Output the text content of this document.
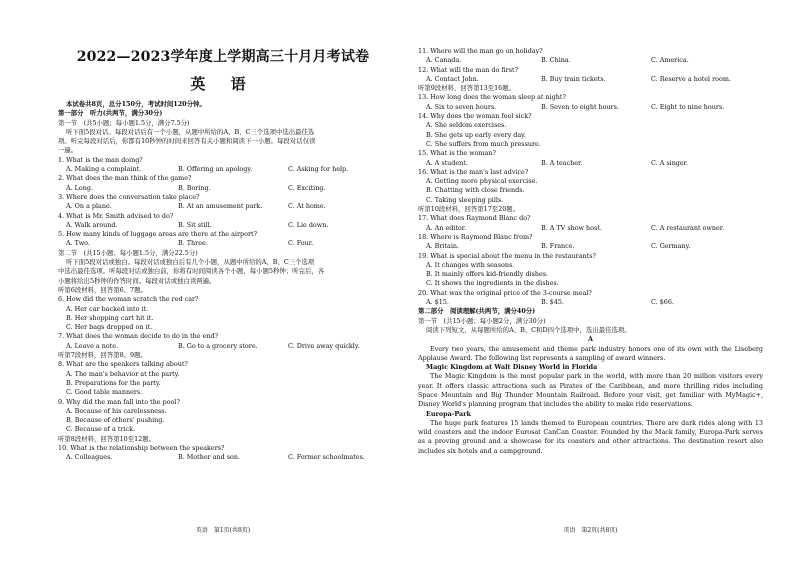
2022—2023学年度上学期高三十月月考试卷
英 语
本试卷共8页，总分150分，考试时间120分钟。
第一部分　听力(共两节，满分30分)
第一节　(共5小题；每小题1.5分，满分7.5分)
听下面5段对话。每段对话后有一个小题，从题中所给的A、B、C三个选项中选出最佳选
项。听完每段对话后，你都有10秒钟的时间来回答有关小题和阅读下一小题。每段对话仅读
一遍。
1. What is the man doing?
A. Making a complaint.	B. Offering an apology.	C. Asking for help.
2. What does the man think of the game?
A. Long.	B. Boring.	C. Exciting.
3. Where does the conversation take place?
A. On a plane.	B. At an amusement park.	C. At home.
4. What is Mr. Smith advised to do?
A. Walk around.	B. Sit still.	C. Lie down.
5. How many kinds of luggage areas are there at the airport?
A. Two.	B. Three.	C. Four.
第二节　(共15小题；每小题1.5分，满分22.5分)
听下面5段对话或独白。每段对话或独白后有几个小题，从题中所给的A、B、C三个选项
中选出最佳选项。听每段对话或独白前，你将有时间阅读各个小题，每小题5秒钟；听完后，各
小题将给出5秒钟的作答时间。每段对话或独白读两遍。
听第6段材料，回答第6、7题。
6. How did the woman scratch the red car?
A. Her car backed into it.
B. Her shopping cart hit it.
C. Her bags dropped on it.
7. What does the woman decide to do in the end?
A. Leave a note.	B. Go to a grocery store.	C. Drive away quickly.
听第7段材料，回答第8、9题。
8. What are the speakers talking about?
A. The man's behavior at the party.
B. Preparations for the party.
C. Good table manners.
9. Why did the man fall into the pool?
A. Because of his carelessness.
B. Because of others' pushing.
C. Because of a trick.
听第8段材料，回答第10至12题。
10. What is the relationship between the speakers?
A. Colleagues.	B. Mother and son.	C. Former schoolmates.
英语　第1页(共8页)
11. Where will the man go on holiday?
A. Canada.	B. China.	C. America.
12. What will the man do first?
A. Contact John.	B. Buy train tickets.	C. Reserve a hotel room.
听第9段材料，回答第13至16题。
13. How long does the woman sleep at night?
A. Six to seven hours.	B. Seven to eight hours.	C. Eight to nine hours.
14. Why does the woman feel sick?
A. She seldom exercises.
B. She gets up early every day.
C. She suffers from much pressure.
15. What is the woman?
A. A student.	B. A teacher.	C. A singer.
16. What is the man's last advice?
A. Getting more physical exercise.
B. Chatting with close friends.
C. Taking sleeping pills.
听第10段材料，回答第17至20题。
17. What does Raymond Blanc do?
A. An editor.	B. A TV show host.	C. A restaurant owner.
18. Where is Raymond Blanc from?
A. Britain.	B. France.	C. Germany.
19. What is special about the menu in the restaurants?
A. It changes with seasons.
B. It mainly offers kid-friendly dishes.
C. It shows the ingredients in the dishes.
20. What was the original price of the 3-course meal?
A. $15.	B. $45.	C. $66.
第二部分　阅读理解(共两节，满分40分)
第一节　(共15小题；每小题2分，满分30分)
阅读下列短文，从每题所给的A、B、C和D四个选项中，选出最佳选项。
A
Every two years, the amusement and theme park industry honors one of its own with the Liseberg Applause Award. The following list represents a sampling of award winners.
Magic Kingdom at Walt Disney World in Florida
The Magic Kingdom is the most popular park in the world, with more than 20 million visitors every year. It offers classic attractions such as Pirates of the Caribbean, and more thrilling rides including Space Mountain and Big Thunder Mountain Railroad. Before your visit, get familiar with MyMagic+, Disney World's planning program that includes the ability to make ride reservations.
Europa-Park
The huge park features 15 lands themed to European countries. There are dark rides along with 13 wild coasters and the indoor Eurosat CanCan Coaster. Founded by the Mack family, Europa-Park serves as a proving ground and a showcase for its coasters and other attractions. The destination resort also includes six hotels and a campground.
英语　第2页(共8页)
